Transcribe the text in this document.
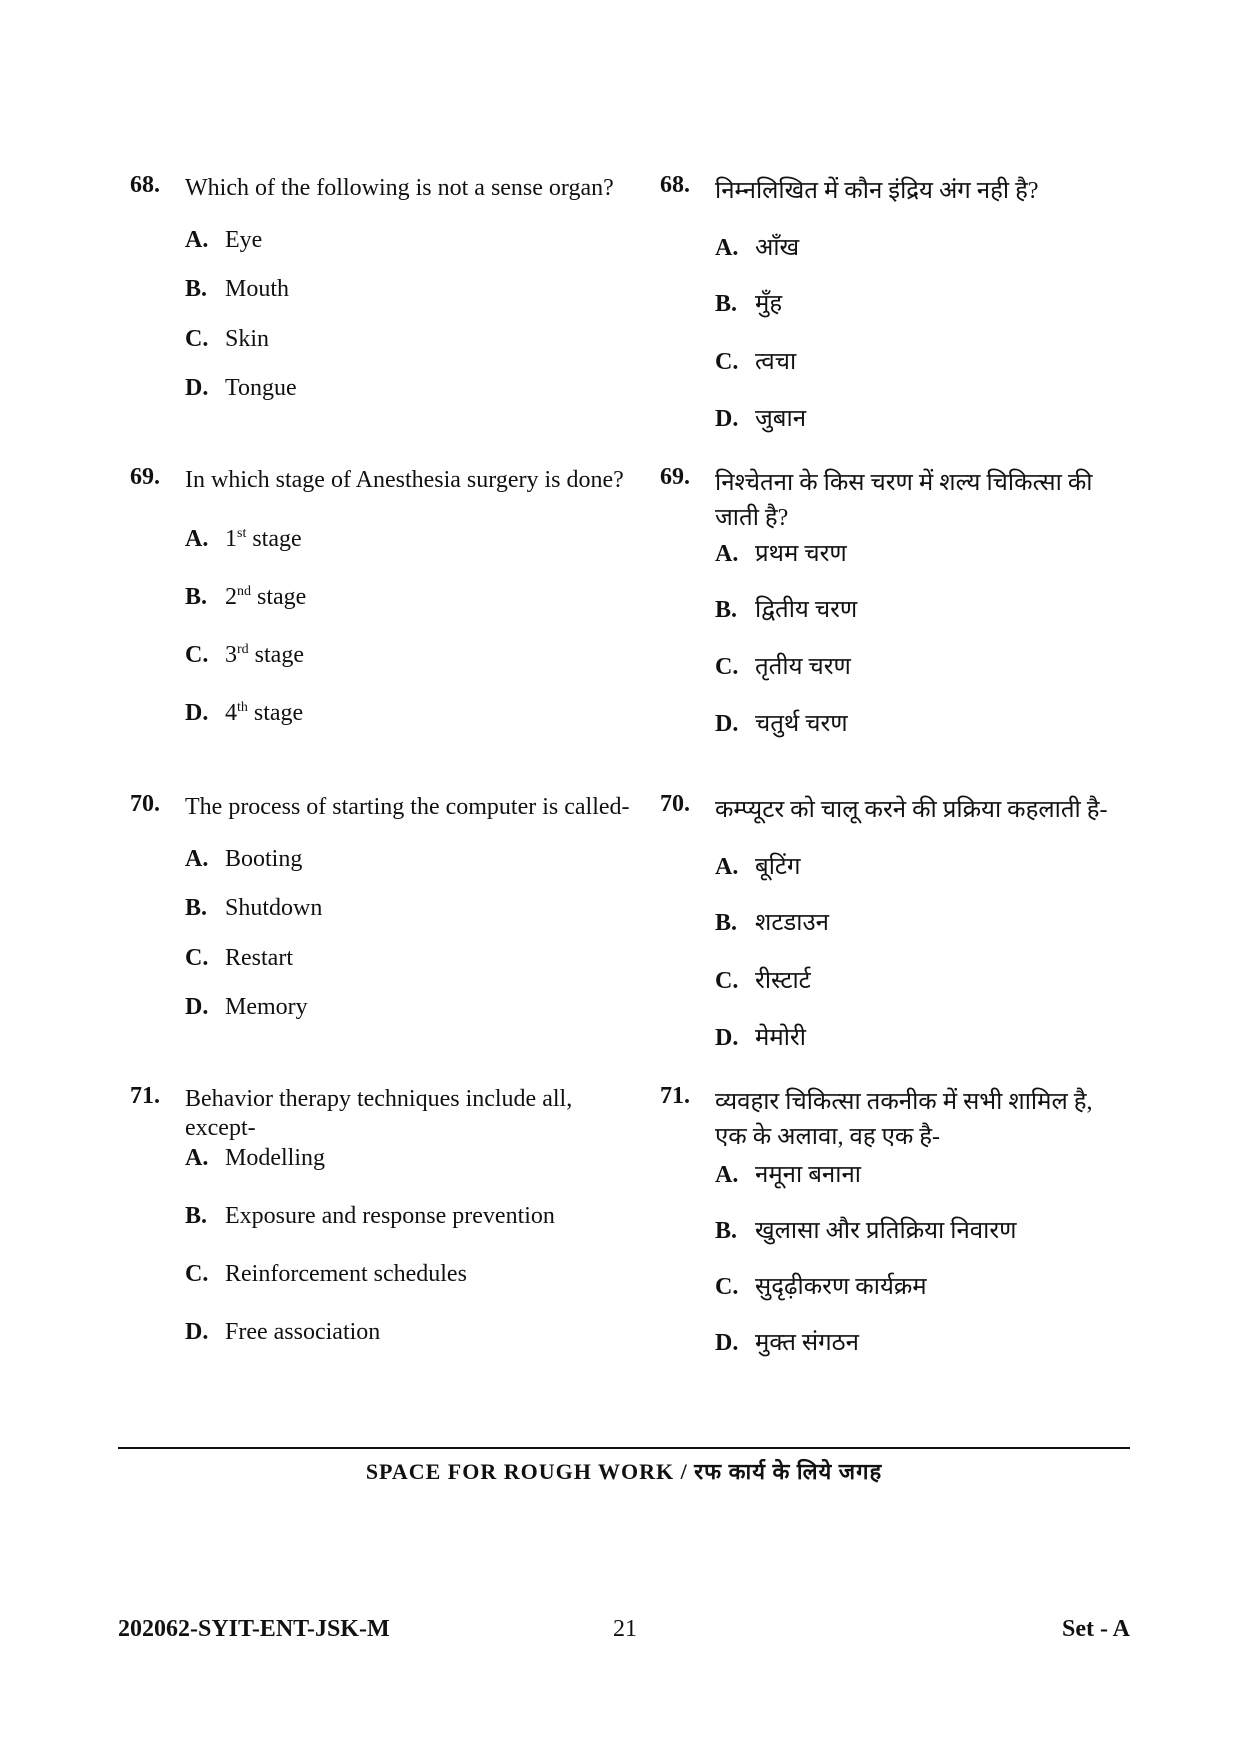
68. Which of the following is not a sense organ?
A. Eye
B. Mouth
C. Skin
D. Tongue
69. In which stage of Anesthesia surgery is done?
A. 1st stage
B. 2nd stage
C. 3rd stage
D. 4th stage
70. The process of starting the computer is called-
A. Booting
B. Shutdown
C. Restart
D. Memory
71. Behavior therapy techniques include all, except-
A. Modelling
B. Exposure and response prevention
C. Reinforcement schedules
D. Free association
68. निम्नलिखित में कौन इंद्रिय अंग नही है?
A. आँख
B. मुँह
C. त्वचा
D. जुबान
69. निश्चेतना के किस चरण में शल्य चिकित्सा की जाती है?
A. प्रथम चरण
B. द्वितीय चरण
C. तृतीय चरण
D. चतुर्थ चरण
70. कम्प्यूटर को चालू करने की प्रक्रिया कहलाती है-
A. बूटिंग
B. शटडाउन
C. रीस्टार्ट
D. मेमोरी
71. व्यवहार चिकित्सा तकनीक में सभी शामिल है, एक के अलावा, वह एक है-
A. नमूना बनाना
B. खुलासा और प्रतिक्रिया निवारण
C. सुदृढ़ीकरण कार्यक्रम
D. मुक्त संगठन
SPACE FOR ROUGH WORK / रफ कार्य के लिये जगह
202062-SYIT-ENT-JSK-M	21	Set - A
